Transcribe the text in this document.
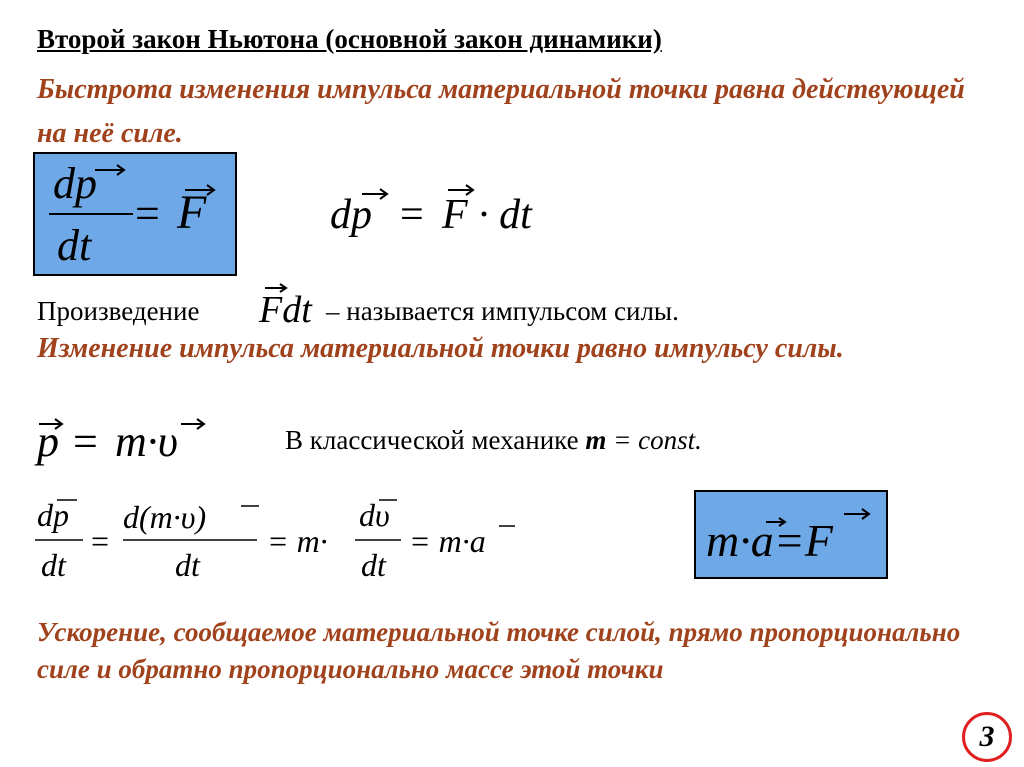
Второй закон Ньютона (основной закон динамики)
Быстрота изменения импульса материальной точки равна действующей на неё силе.
dp
dt
= F	dp = F · dt
Произведение Fdt – называется импульсом силы.
Изменение импульса материальной точки равно импульсу силы.
p = m·υ	В классической механике m = const.
dp
dt
=
d(m·υ)
dt
= m·
dυ
dt
= m·a	m·a=F
Ускорение, сообщаемое материальной точке силой, прямо пропорционально силе и обратно пропорционально массе этой точки
3
